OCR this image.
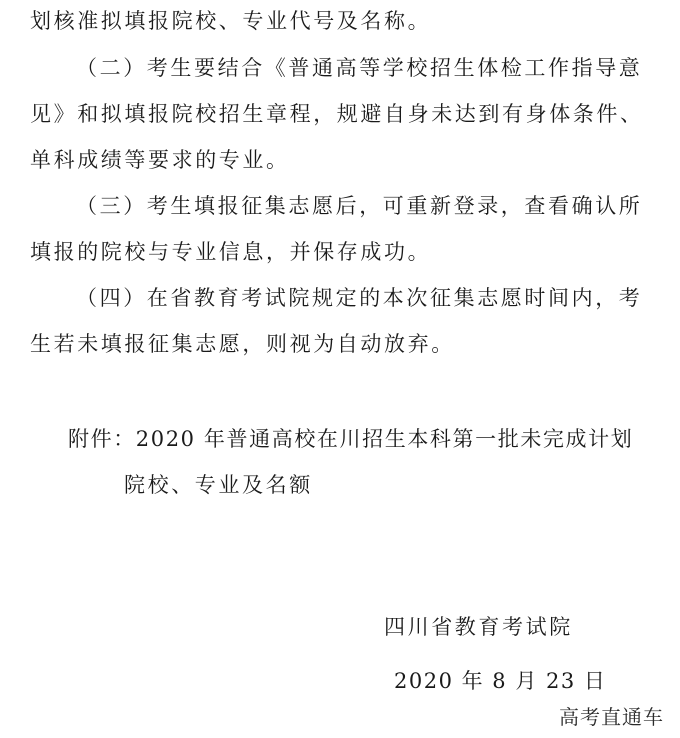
划核准拟填报院校、专业代号及名称。
（二）考生要结合《普通高等学校招生体检工作指导意
见》和拟填报院校招生章程，规避自身未达到有身体条件、
单科成绩等要求的专业。
（三）考生填报征集志愿后，可重新登录，查看确认所
填报的院校与专业信息，并保存成功。
（四）在省教育考试院规定的本次征集志愿时间内，考
生若未填报征集志愿，则视为自动放弃。
附件：2020 年普通高校在川招生本科第一批未完成计划
院校、专业及名额
四川省教育考试院
2020 年 8 月 23 日
高考直通车
